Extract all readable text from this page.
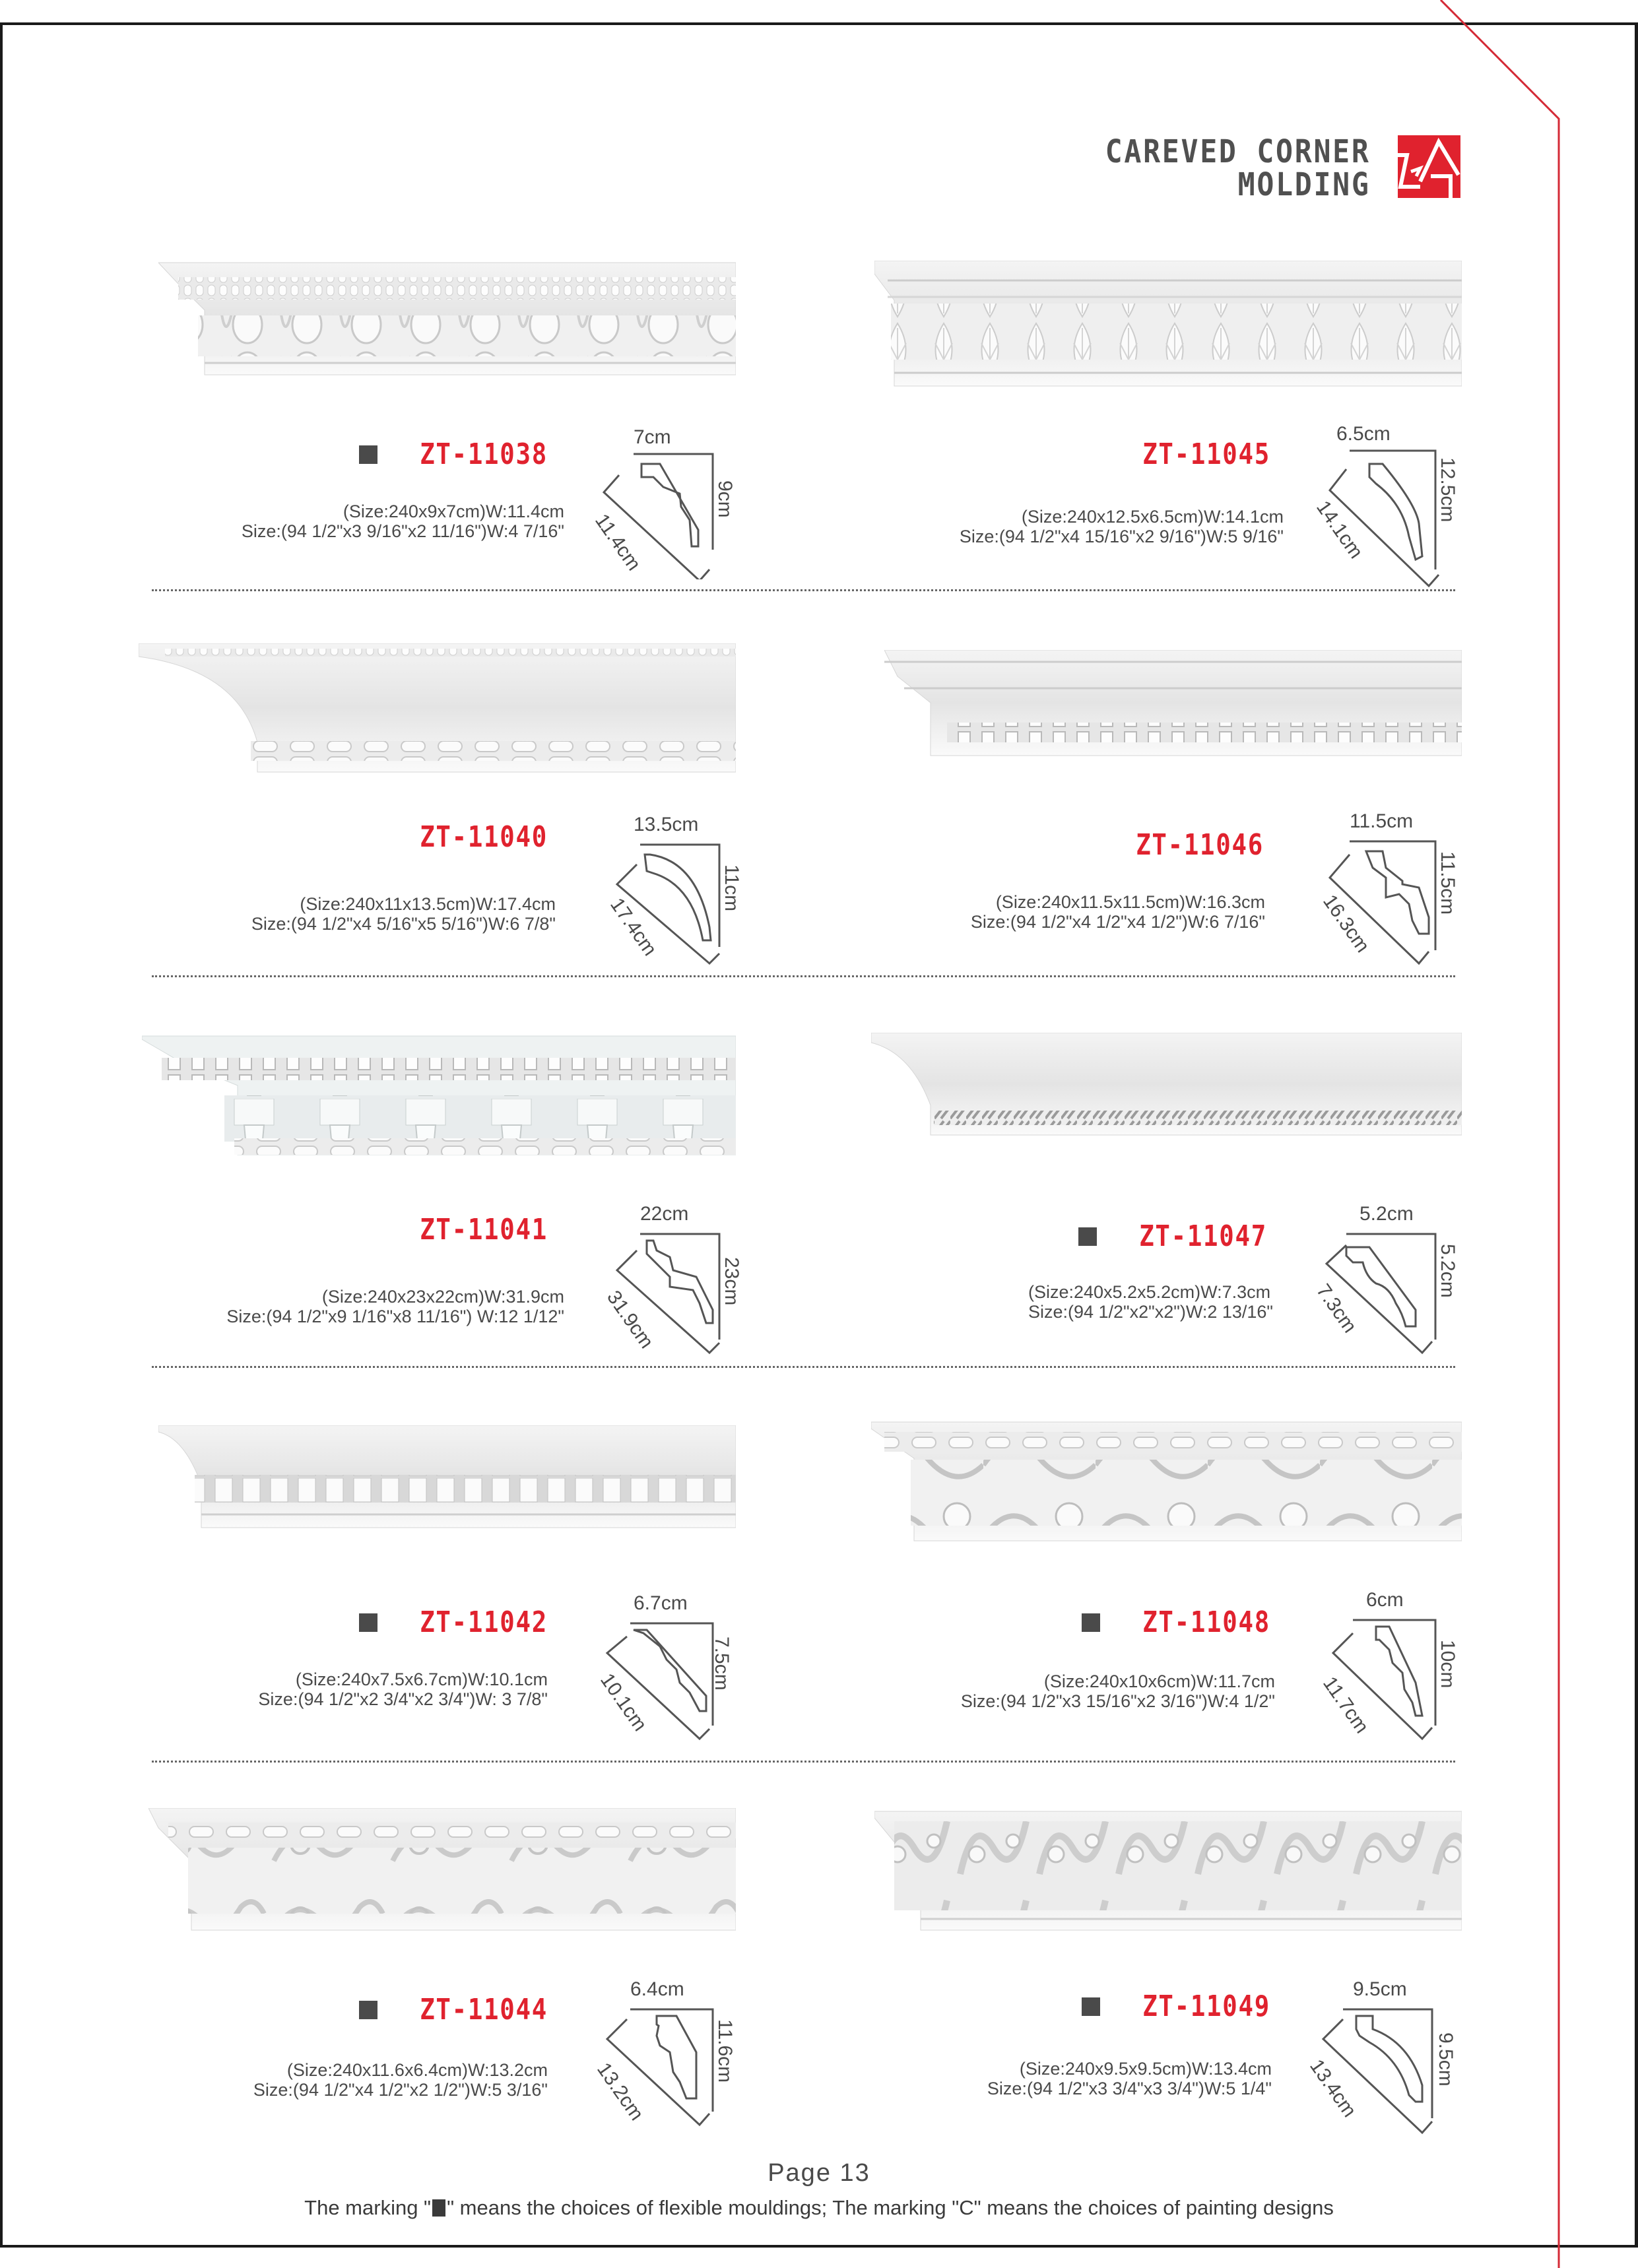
CAREVED CORNER
MOLDING
ZT-11038
(Size:240x9x7cm)W:11.4cm
Size:(94 1/2"x3 9/16"x2 11/16")W:4 7/16"
7cm
9cm
11.4cm
ZT-11045
(Size:240x12.5x6.5cm)W:14.1cm
Size:(94 1/2"x4 15/16"x2 9/16")W:5 9/16"
6.5cm
12.5cm
14.1cm
ZT-11040
(Size:240x11x13.5cm)W:17.4cm
Size:(94 1/2"x4 5/16"x5 5/16")W:6 7/8"
13.5cm
11cm
17.4cm
ZT-11046
(Size:240x11.5x11.5cm)W:16.3cm
Size:(94 1/2"x4 1/2"x4 1/2")W:6 7/16"
11.5cm
11.5cm
16.3cm
ZT-11041
(Size:240x23x22cm)W:31.9cm
Size:(94 1/2"x9 1/16"x8 11/16") W:12 1/12"
22cm
23cm
31.9cm
ZT-11047
(Size:240x5.2x5.2cm)W:7.3cm
Size:(94 1/2"x2"x2")W:2 13/16"
5.2cm
5.2cm
7.3cm
ZT-11042
(Size:240x7.5x6.7cm)W:10.1cm
Size:(94 1/2"x2 3/4"x2 3/4")W: 3 7/8"
6.7cm
7.5cm
10.1cm
ZT-11048
(Size:240x10x6cm)W:11.7cm
Size:(94 1/2"x3 15/16"x2 3/16")W:4 1/2"
6cm
10cm
11.7cm
ZT-11044
(Size:240x11.6x6.4cm)W:13.2cm
Size:(94 1/2"x4 1/2"x2 1/2")W:5 3/16"
6.4cm
11.6cm
13.2cm
ZT-11049
(Size:240x9.5x9.5cm)W:13.4cm
Size:(94 1/2"x3 3/4"x3 3/4")W:5 1/4"
9.5cm
9.5cm
13.4cm
Page 13
The marking " " means the choices of flexible mouldings; The marking "C" means the choices of painting designs
